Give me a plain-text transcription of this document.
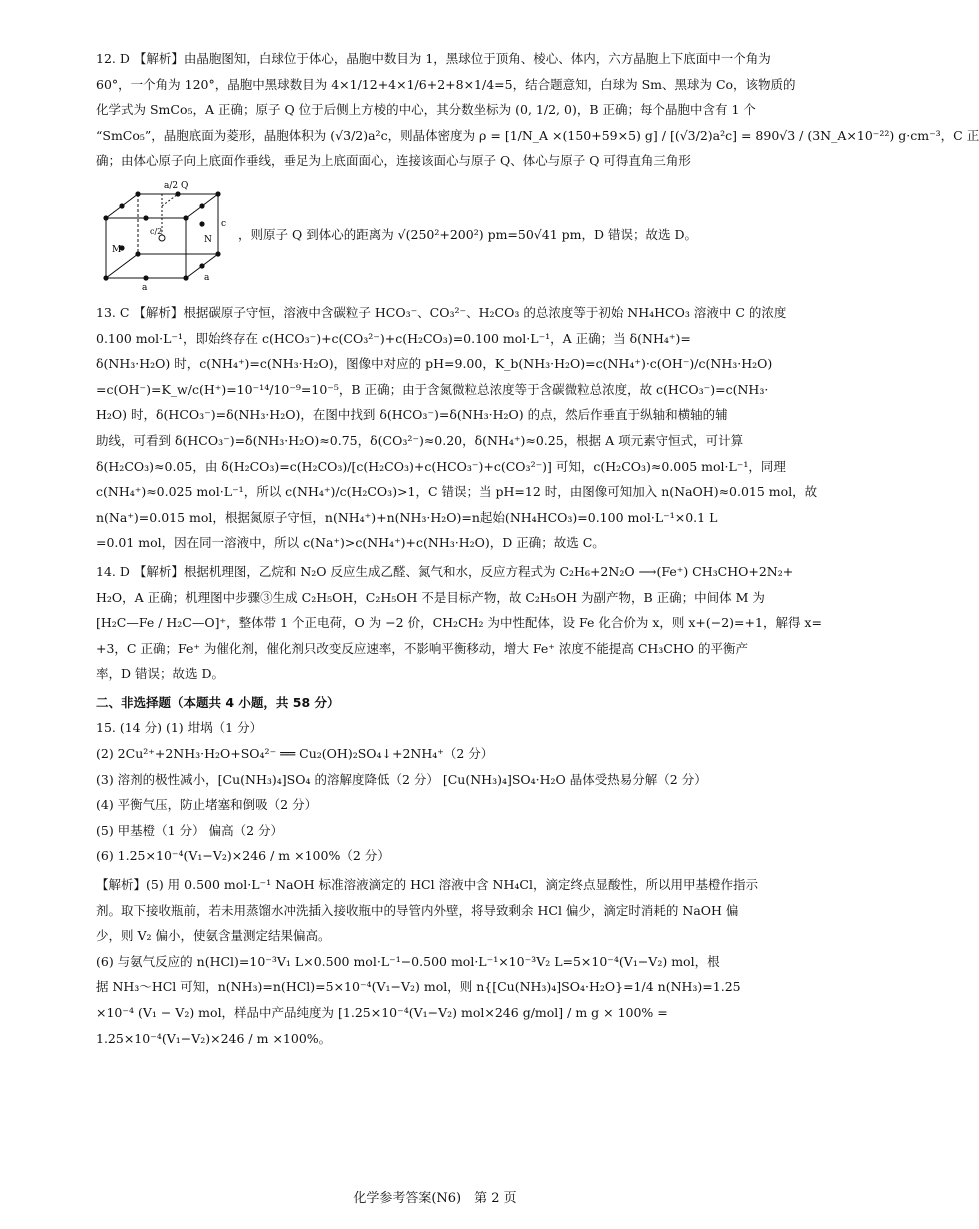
12. D 【解析】由晶胞图知，白球位于体心，晶胞中数目为 1，黑球位于顶角、棱心、体内，六方晶胞上下底面中一个角为
60°，一个角为 120°，晶胞中黑球数目为 4×1/12+4×1/6+2+8×1/4=5，结合题意知，白球为 Sm、黑球为 Co，该物质的
化学式为 SmCo₅，A 正确；原子 Q 位于后侧上方棱的中心，其分数坐标为 (0, 1/2, 0)，B 正确；每个晶胞中含有 1 个
“SmCo₅”，晶胞底面为菱形，晶胞体积为 (√3/2)a²c，则晶体密度为 ρ = [1/N_A ×(150+59×5) g] / [(√3/2)a²c] = 890√3 / (3N_A×10⁻²²) g·cm⁻³，C 正
确；由体心原子向上底面作垂线，垂足为上底面面心，连接该面心与原子 Q、体心与原子 Q 可得直角三角形
a/2 Q
c/2
M
N
c
a
a
，则原子 Q 到体心的距离为 √(250²+200²) pm=50√41 pm，D 错误；故选 D。
13. C 【解析】根据碳原子守恒，溶液中含碳粒子 HCO₃⁻、CO₃²⁻、H₂CO₃ 的总浓度等于初始 NH₄HCO₃ 溶液中 C 的浓度
0.100 mol·L⁻¹，即始终存在 c(HCO₃⁻)+c(CO₃²⁻)+c(H₂CO₃)=0.100 mol·L⁻¹，A 正确；当 δ(NH₄⁺)=
δ(NH₃·H₂O) 时，c(NH₄⁺)=c(NH₃·H₂O)，图像中对应的 pH=9.00，K_b(NH₃·H₂O)=c(NH₄⁺)·c(OH⁻)/c(NH₃·H₂O)
=c(OH⁻)=K_w/c(H⁺)=10⁻¹⁴/10⁻⁹=10⁻⁵，B 正确；由于含氮微粒总浓度等于含碳微粒总浓度，故 c(HCO₃⁻)=c(NH₃·
H₂O) 时，δ(HCO₃⁻)=δ(NH₃·H₂O)，在图中找到 δ(HCO₃⁻)=δ(NH₃·H₂O) 的点，然后作垂直于纵轴和横轴的辅
助线，可看到 δ(HCO₃⁻)=δ(NH₃·H₂O)≈0.75，δ(CO₃²⁻)≈0.20，δ(NH₄⁺)≈0.25，根据 A 项元素守恒式，可计算
δ(H₂CO₃)≈0.05，由 δ(H₂CO₃)=c(H₂CO₃)/[c(H₂CO₃)+c(HCO₃⁻)+c(CO₃²⁻)] 可知，c(H₂CO₃)≈0.005 mol·L⁻¹，同理
c(NH₄⁺)≈0.025 mol·L⁻¹，所以 c(NH₄⁺)/c(H₂CO₃)>1，C 错误；当 pH=12 时，由图像可知加入 n(NaOH)≈0.015 mol，故
n(Na⁺)=0.015 mol，根据氮原子守恒，n(NH₄⁺)+n(NH₃·H₂O)=n起始(NH₄HCO₃)=0.100 mol·L⁻¹×0.1 L
=0.01 mol，因在同一溶液中，所以 c(Na⁺)>c(NH₄⁺)+c(NH₃·H₂O)，D 正确；故选 C。
14. D 【解析】根据机理图，乙烷和 N₂O 反应生成乙醛、氮气和水，反应方程式为 C₂H₆+2N₂O ⟶(Fe⁺) CH₃CHO+2N₂+
H₂O，A 正确；机理图中步骤③生成 C₂H₅OH，C₂H₅OH 不是目标产物，故 C₂H₅OH 为副产物，B 正确；中间体 M 为
[H₂C—Fe / H₂C—O]⁺，整体带 1 个正电荷，O 为 −2 价，CH₂CH₂ 为中性配体，设 Fe 化合价为 x，则 x+(−2)=+1，解得 x=
+3，C 正确；Fe⁺ 为催化剂，催化剂只改变反应速率，不影响平衡移动，增大 Fe⁺ 浓度不能提高 CH₃CHO 的平衡产
率，D 错误；故选 D。
二、非选择题（本题共 4 小题，共 58 分）
15. (14 分) (1) 坩埚（1 分）
(2) 2Cu²⁺+2NH₃·H₂O+SO₄²⁻ ══ Cu₂(OH)₂SO₄↓+2NH₄⁺（2 分）
(3) 溶剂的极性减小，[Cu(NH₃)₄]SO₄ 的溶解度降低（2 分） [Cu(NH₃)₄]SO₄·H₂O 晶体受热易分解（2 分）
(4) 平衡气压，防止堵塞和倒吸（2 分）
(5) 甲基橙（1 分） 偏高（2 分）
(6) 1.25×10⁻⁴(V₁−V₂)×246 / m ×100%（2 分）
【解析】(5) 用 0.500 mol·L⁻¹ NaOH 标准溶液滴定的 HCl 溶液中含 NH₄Cl，滴定终点显酸性，所以用甲基橙作指示
剂。取下接收瓶前，若未用蒸馏水冲洗插入接收瓶中的导管内外壁，将导致剩余 HCl 偏少，滴定时消耗的 NaOH 偏
少，则 V₂ 偏小，使氨含量测定结果偏高。
(6) 与氨气反应的 n(HCl)=10⁻³V₁ L×0.500 mol·L⁻¹−0.500 mol·L⁻¹×10⁻³V₂ L=5×10⁻⁴(V₁−V₂) mol，根
据 NH₃～HCl 可知，n(NH₃)=n(HCl)=5×10⁻⁴(V₁−V₂) mol，则 n{[Cu(NH₃)₄]SO₄·H₂O}=1/4 n(NH₃)=1.25
×10⁻⁴ (V₁ − V₂) mol，样品中产品纯度为 [1.25×10⁻⁴(V₁−V₂) mol×246 g/mol] / m g × 100% =
1.25×10⁻⁴(V₁−V₂)×246 / m ×100%。
化学参考答案(N6)　第 2 页
